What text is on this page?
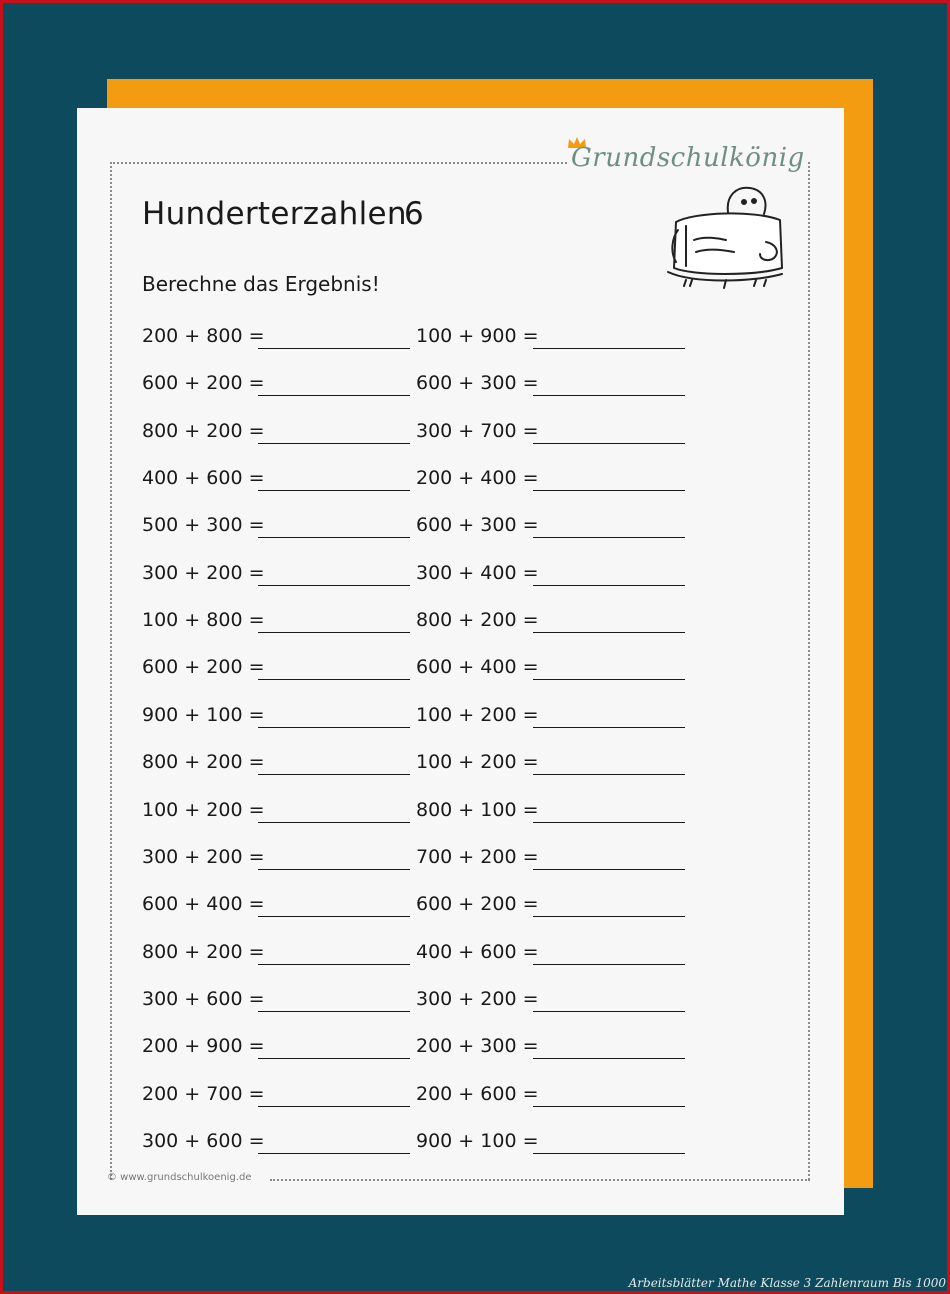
Grundschulkönig
Hunderterzahlen
6
Berechne das Ergebnis!
200 + 800 =
600 + 200 =
800 + 200 =
400 + 600 =
500 + 300 =
300 + 200 =
100 + 800 =
600 + 200 =
900 + 100 =
800 + 200 =
100 + 200 =
300 + 200 =
600 + 400 =
800 + 200 =
300 + 600 =
200 + 900 =
200 + 700 =
300 + 600 =
100 + 900 =
600 + 300 =
300 + 700 =
200 + 400 =
600 + 300 =
300 + 400 =
800 + 200 =
600 + 400 =
100 + 200 =
100 + 200 =
800 + 100 =
700 + 200 =
600 + 200 =
400 + 600 =
300 + 200 =
200 + 300 =
200 + 600 =
900 + 100 =
© www.grundschulkoenig.de
Arbeitsblätter Mathe Klasse 3 Zahlenraum Bis 1000
